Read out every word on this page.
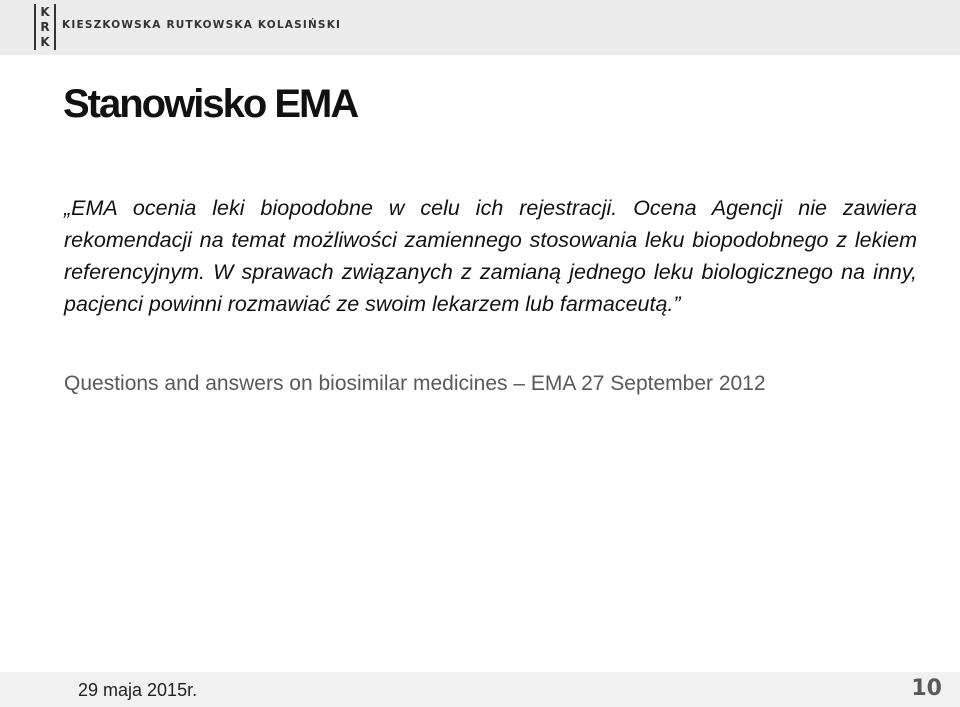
K
R
K
KIESZKOWSKA RUTKOWSKA KOLASIŃSKI
Stanowisko EMA

„EMA ocenia leki biopodobne w celu ich rejestracji. Ocena Agencji nie zawiera rekomendacji na temat możliwości zamiennego stosowania leku biopodobnego z lekiem referencyjnym. W sprawach związanych z zamianą jednego leku biologicznego na inny, pacjenci powinni rozmawiać ze swoim lekarzem lub farmaceutą.”

Questions and answers on biosimilar medicines – EMA 27 September 2012

29 maja 2015r.	10
